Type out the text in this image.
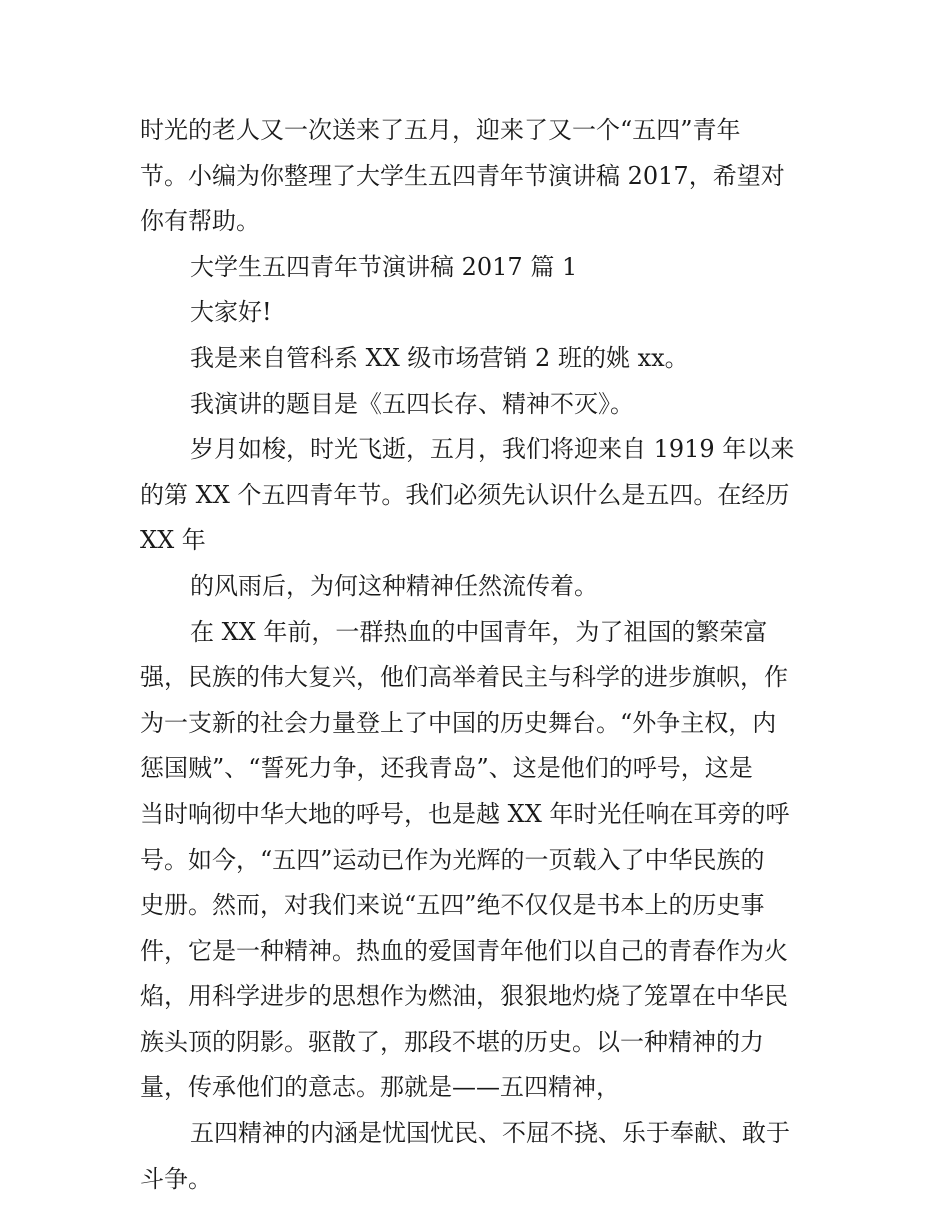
时光的老人又一次送来了五月，迎来了又一个“五四”青年
节。小编为你整理了大学生五四青年节演讲稿 2017，希望对
你有帮助。
大学生五四青年节演讲稿 2017 篇 1
大家好!
我是来自管科系 XX 级市场营销 2 班的姚 xx。
我演讲的题目是《五四长存、精神不灭》。
岁月如梭，时光飞逝，五月，我们将迎来自 1919 年以来
的第 XX 个五四青年节。我们必须先认识什么是五四。在经历
XX 年
的风雨后，为何这种精神任然流传着。
在 XX 年前，一群热血的中国青年，为了祖国的繁荣富
强，民族的伟大复兴，他们高举着民主与科学的进步旗帜，作
为一支新的社会力量登上了中国的历史舞台。“外争主权，内
惩国贼”、“誓死力争，还我青岛”、这是他们的呼号，这是
当时响彻中华大地的呼号，也是越 XX 年时光任响在耳旁的呼
号。如今，“五四”运动已作为光辉的一页载入了中华民族的
史册。然而，对我们来说“五四”绝不仅仅是书本上的历史事
件，它是一种精神。热血的爱国青年他们以自己的青春作为火
焰，用科学进步的思想作为燃油，狠狠地灼烧了笼罩在中华民
族头顶的阴影。驱散了，那段不堪的历史。以一种精神的力
量，传承他们的意志。那就是——五四精神，
五四精神的内涵是忧国忧民、不屈不挠、乐于奉献、敢于
斗争。
